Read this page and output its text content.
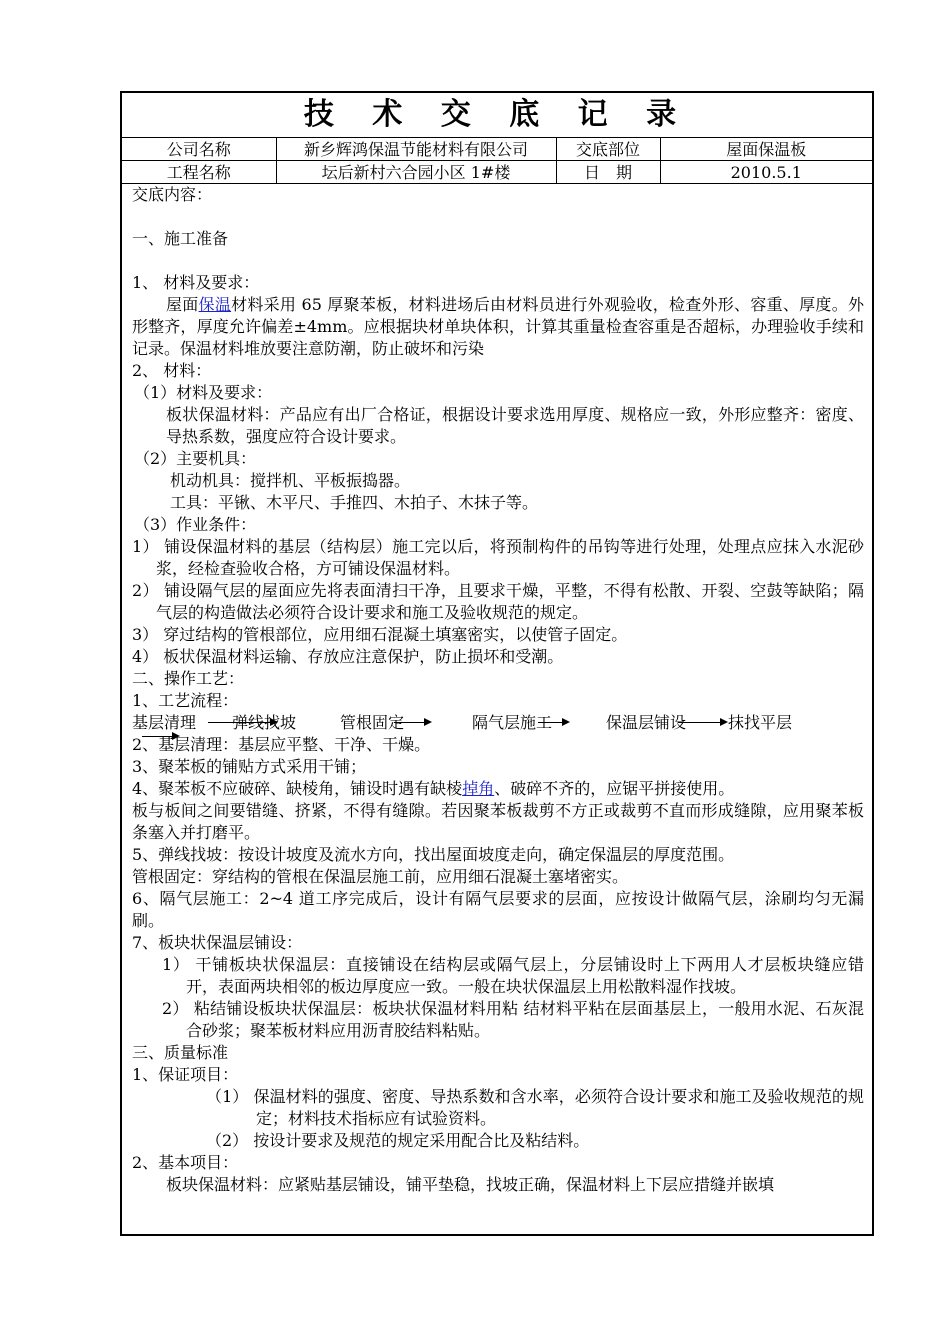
技 术 交 底 记 录
公司名称	新乡辉鸿保温节能材料有限公司	交底部位	屋面保温板
工程名称	坛后新村六合园小区 1#楼	日　期	2010.5.1

交底内容：

一、施工准备

1、 材料及要求：

屋面保温材料采用 65 厚聚苯板，材料进场后由材料员进行外观验收，检查外形、容重、厚度。外形整齐，厚度允许偏差±4mm。应根据块材单块体积，计算其重量检查容重是否超标，办理验收手续和记录。保温材料堆放要注意防潮，防止破坏和污染

2、 材料：

（1）材料及要求：

板状保温材料：产品应有出厂合格证，根据设计要求选用厚度、规格应一致，外形应整齐：密度、导热系数，强度应符合设计要求。

（2）主要机具：

机动机具：搅拌机、平板振捣器。

工具：平锹、木平尺、手推四、木拍子、木抹子等。

（3）作业条件：

1） 铺设保温材料的基层（结构层）施工完以后，将预制构件的吊钩等进行处理，处理点应抹入水泥砂浆，经检查验收合格，方可铺设保温材料。

2） 铺设隔气层的屋面应先将表面清扫干净，且要求干燥，平整，不得有松散、开裂、空鼓等缺陷；隔气层的构造做法必须符合设计要求和施工及验收规范的规定。

3） 穿过结构的管根部位，应用细石混凝土填塞密实，以使管子固定。

4） 板状保温材料运输、存放应注意保护，防止损坏和受潮。

二、操作工艺：

1、工艺流程：

基层清理 弹线找坡	管根固定	隔气层施工	保温层铺设	抹找平层

2、基层清理：基层应平整、干净、干燥。

3、聚苯板的铺贴方式采用干铺；

4、聚苯板不应破碎、缺棱角，铺设时遇有缺棱掉角、破碎不齐的，应锯平拼接使用。

板与板间之间要错缝、挤紧，不得有缝隙。若因聚苯板裁剪不方正或裁剪不直而形成缝隙，应用聚苯板条塞入并打磨平。

5、弹线找坡：按设计坡度及流水方向，找出屋面坡度走向，确定保温层的厚度范围。

管根固定：穿结构的管根在保温层施工前，应用细石混凝土塞堵密实。

6、隔气层施工：2~4 道工序完成后，设计有隔气层要求的层面，应按设计做隔气层，涂刷均匀无漏刷。

7、板块状保温层铺设：

1） 干铺板块状保温层：直接铺设在结构层或隔气层上，分层铺设时上下两用人才层板块缝应错开，表面两块相邻的板边厚度应一致。一般在块状保温层上用松散料湿作找坡。

2） 粘结铺设板块状保温层：板块状保温材料用粘 结材料平粘在层面基层上，一般用水泥、石灰混合砂浆；聚苯板材料应用沥青胶结料粘贴。

三、质量标准

1、保证项目：

（1） 保温材料的强度、密度、导热系数和含水率，必须符合设计要求和施工及验收规范的规定；材料技术指标应有试验资料。

（2） 按设计要求及规范的规定采用配合比及粘结料。

2、基本项目：

板块保温材料：应紧贴基层铺设，铺平垫稳，找坡正确，保温材料上下层应措缝并嵌填
